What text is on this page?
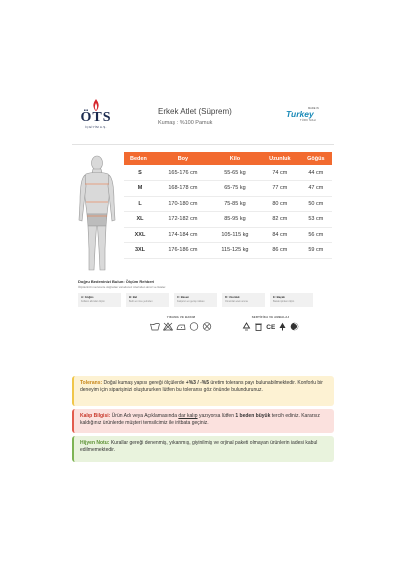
ÖTS
İÇGİYİM A.Ş.
Erkek Atlet (Süprem)
Kumaş : %100 Pamuk
MADE IN
Turkey
TÜRK MALI
Beden	Boy	Kilo	Uzunluk	Göğüs
S	165-176 cm	55-65 kg	74 cm	44 cm
M	168-178 cm	65-75 kg	77 cm	47 cm
L	170-180 cm	75-85 kg	80 cm	50 cm
XL	172-182 cm	85-95 kg	82 cm	53 cm
XXL	174-184 cm	105-115 kg	84 cm	56 cm
3XL	176-186 cm	115-125 kg	86 cm	59 cm
Doğru Bedeninizi Bulun: Ölçüm Rehberi
Ölçülerinizi mezura ile doğrudan vücudunuz üzerinden alınız ve listeler.
A: Göğüs
Kolların altından ölçün
B: Bel
Belin en ince yerinden
C: Basen
Kalçanın en geniş noktası
D: Uzunluk
Omuzdan etek ucuna
E: Baçak
Bacak içinden ölçün
YIKAMA VE BAKIM	SERTİFİKA VE AMBALAJ
CE
Tolerans: Doğal kumaş yapısı gereği ölçülerde +%3 / -%5 üretim tolerans payı bulunabilmektedir. Konforlu bir deneyim için siparişinizi oluştururken lütfen bu toleransı göz önünde bulundurunuz.
Kalıp Bilgisi: Ürün Adı veya Açıklamasında dar kalıp yazıyorsa lütfen 1 beden büyük tercih ediniz. Kararsız kaldığınız ürünlerde müşteri temsilcimiz ile iritbata geçiniz.
Hijyen Notu: Kurallar gereği denenmiş, yıkanmış, giyinilmiş ve orjinal paketi olmayan ürünlerin iadesi kabul edilmemektedir.
